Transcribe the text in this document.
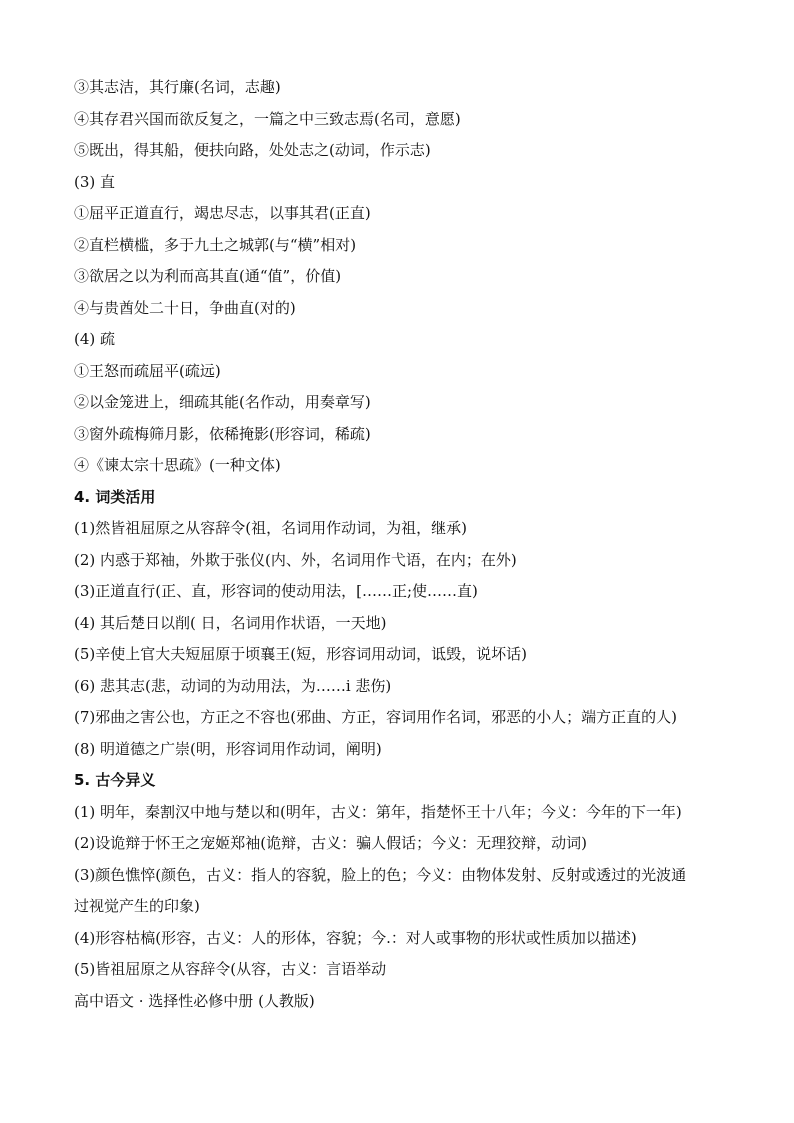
③其志洁，其行廉(名词，志趣)
④其存君兴国而欲反复之，一篇之中三致志焉(名司，意愿)
⑤既出，得其船，便扶向路，处处志之(动词，作示志)
(3) 直
①屈平正道直行，竭忠尽志，以事其君(正直)
②直栏横槛，多于九土之城郭(与“横”相对)
③欲居之以为利而高其直(通“值”，价值)
④与贵酋处二十日，争曲直(对的)
(4) 疏
①王怒而疏屈平(疏远)
②以金笼进上，细疏其能(名作动，用奏章写)
③窗外疏梅筛月影，依稀掩影(形容词，稀疏)
④《谏太宗十思疏》(一种文体)
4. 词类活用
(1)然皆祖屈原之从容辞令(祖，名词用作动词，为祖，继承)
(2) 内惑于郑袖，外欺于张仪(内、外，名词用作弋语，在内；在外)
(3)正道直行(正、直，形容词的使动用法，[……正;使……直)
(4) 其后楚日以削( 日，名词用作状语，一天地)
(5)辛使上官大夫短屈原于顷襄王(短，形容词用动词，诋毁，说坏话)
(6) 悲其志(悲，动词的为动用法，为……i 悲伤)
(7)邪曲之害公也，方正之不容也(邪曲、方正，容词用作名词，邪恶的小人；端方正直的人)
(8) 明道德之广崇(明，形容词用作动词，阐明)
5. 古今异义
(1) 明年，秦割汉中地与楚以和(明年，古义：第年，指楚怀王十八年；今义：今年的下一年)
(2)设诡辩于怀王之宠姬郑袖(诡辩，古义：骗人假话；今义：无理狡辩，动词)
(3)颜色憔悴(颜色，古义：指人的容貌，脸上的色；今义：由物体发射、反射或透过的光波通
过视觉产生的印象)
(4)形容枯槁(形容，古义：人的形体，容貌；今.：对人或事物的形状或性质加以描述)
(5)皆祖屈原之从容辞令(从容，古义：言语举动
高中语文 · 选择性必修中册 (人教版)
